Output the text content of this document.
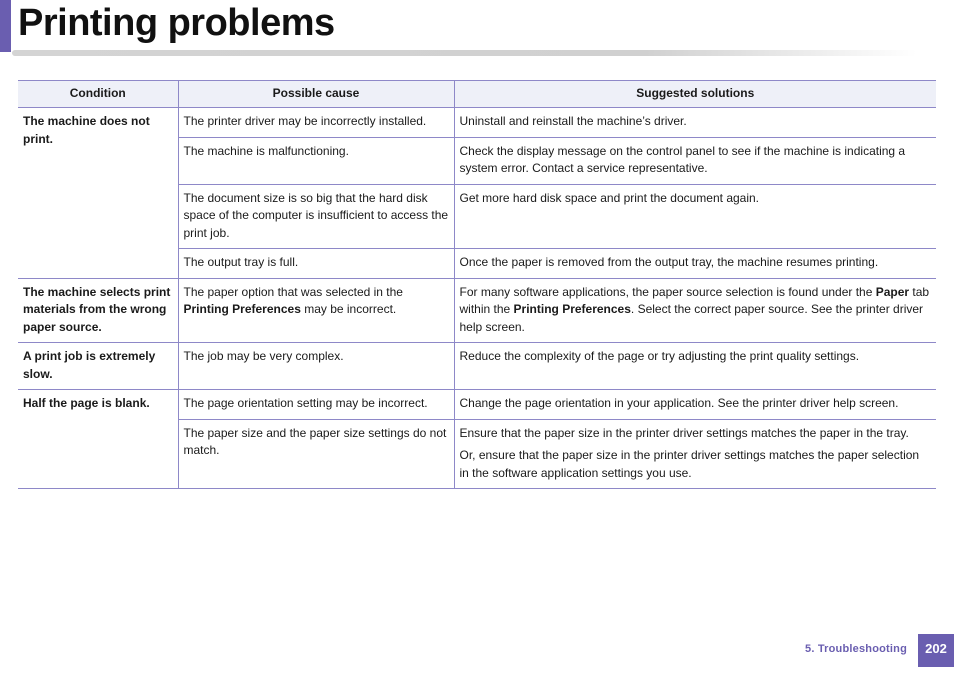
Printing problems
Condition	Possible cause	Suggested solutions
The machine does not print.	The printer driver may be incorrectly installed.	Uninstall and reinstall the machine’s driver.
	The machine is malfunctioning.	Check the display message on the control panel to see if the machine is indicating a system error. Contact a service representative.
	The document size is so big that the hard disk space of the computer is insufficient to access the print job.	Get more hard disk space and print the document again.
	The output tray is full.	Once the paper is removed from the output tray, the machine resumes printing.
The machine selects print materials from the wrong paper source.	The paper option that was selected in the Printing Preferences may be incorrect.	For many software applications, the paper source selection is found under the Paper tab within the Printing Preferences. Select the correct paper source. See the printer driver help screen.
A print job is extremely slow.	The job may be very complex.	Reduce the complexity of the page or try adjusting the print quality settings.
Half the page is blank.	The page orientation setting may be incorrect.	Change the page orientation in your application. See the printer driver help screen.
	The paper size and the paper size settings do not match.	Ensure that the paper size in the printer driver settings matches the paper in the tray.

Or, ensure that the paper size in the printer driver settings matches the paper selection in the software application settings you use.

5. Troubleshooting	202
